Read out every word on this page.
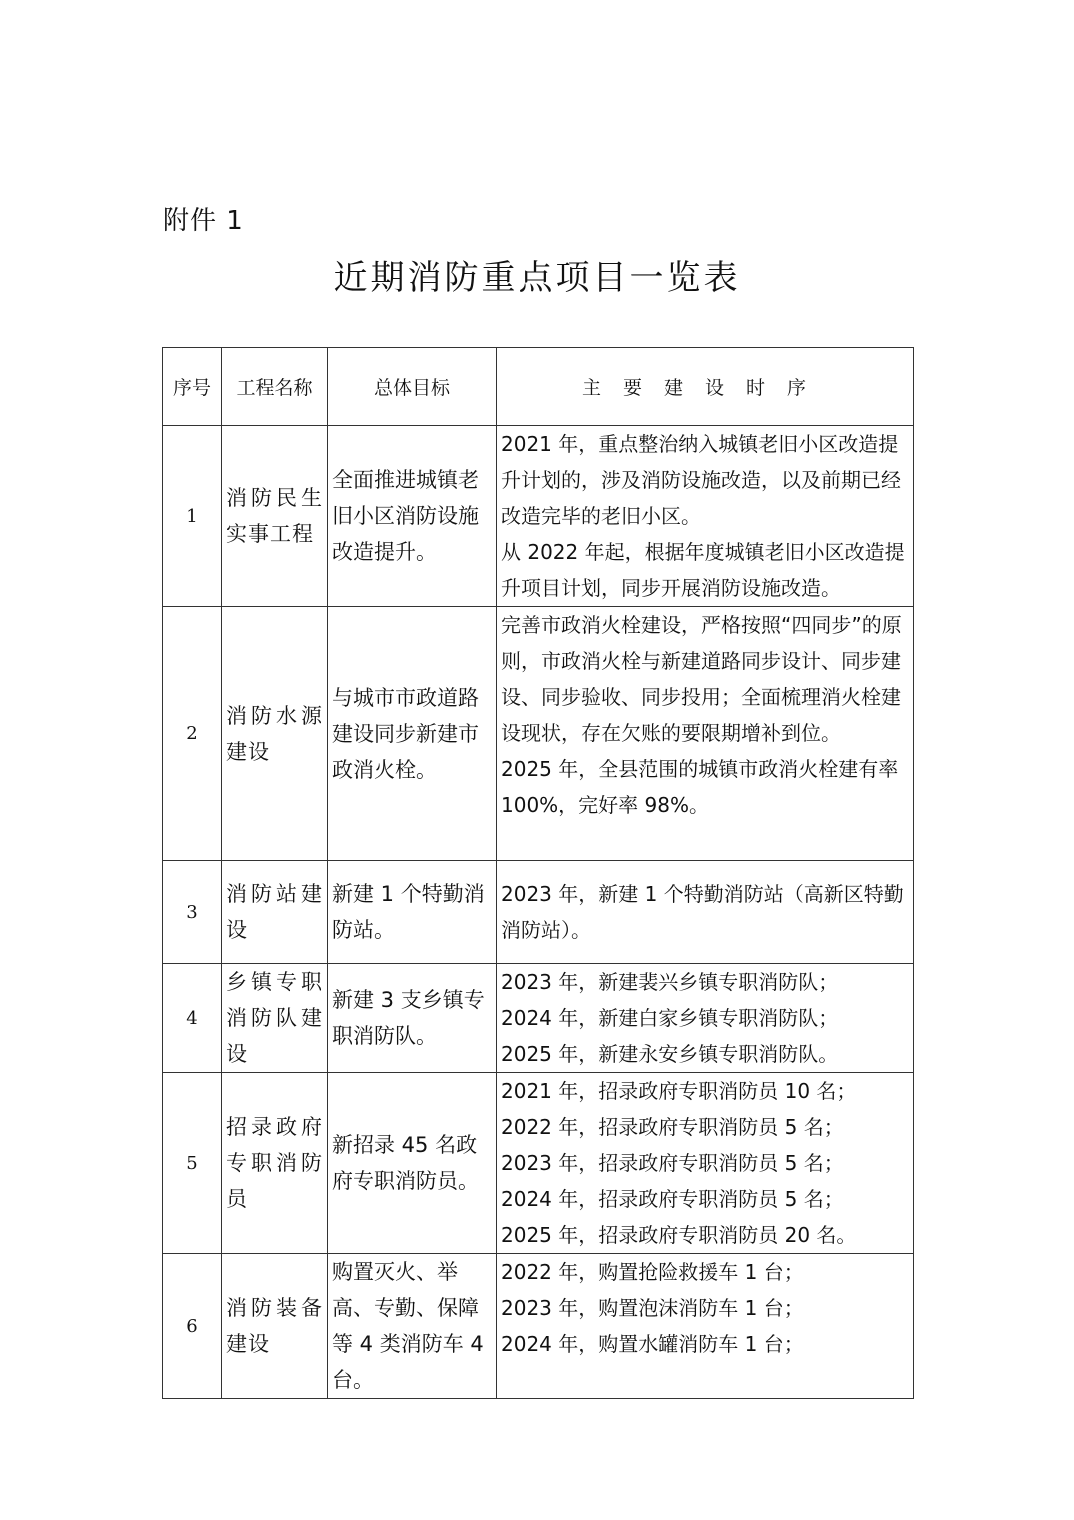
附件 1
近期消防重点项目一览表
序号	工程名称	总体目标	主要建设时序
1	消防民生实事工程	全面推进城镇老旧小区消防设施改造提升。	2021 年，重点整治纳入城镇老旧小区改造提升计划的，涉及消防设施改造，以及前期已经改造完毕的老旧小区。
从 2022 年起，根据年度城镇老旧小区改造提升项目计划，同步开展消防设施改造。

2	消防水源建设	与城市市政道路建设同步新建市政消火栓。	完善市政消火栓建设，严格按照“四同步”的原则，市政消火栓与新建道路同步设计、同步建设、同步验收、同步投用；全面梳理消火栓建设现状，存在欠账的要限期增补到位。
2025 年，全县范围的城镇市政消火栓建有率 100%，完好率 98%。

3	消防站建设	新建 1 个特勤消防站。	2023 年，新建 1 个特勤消防站（高新区特勤消防站）。

4	乡镇专职消防队建设	新建 3 支乡镇专职消防队。	2023 年，新建裴兴乡镇专职消防队；
2024 年，新建白家乡镇专职消防队；
2025 年，新建永安乡镇专职消防队。

5	招录政府专职消防员	新招录 45 名政府专职消防员。	2021 年，招录政府专职消防员 10 名；
2022 年，招录政府专职消防员 5 名；
2023 年，招录政府专职消防员 5 名；
2024 年，招录政府专职消防员 5 名；
2025 年，招录政府专职消防员 20 名。

6	消防装备建设	购置灭火、举高、专勤、保障等 4 类消防车 4 台。	2022 年，购置抢险救援车 1 台；
2023 年，购置泡沫消防车 1 台；
2024 年，购置水罐消防车 1 台；
